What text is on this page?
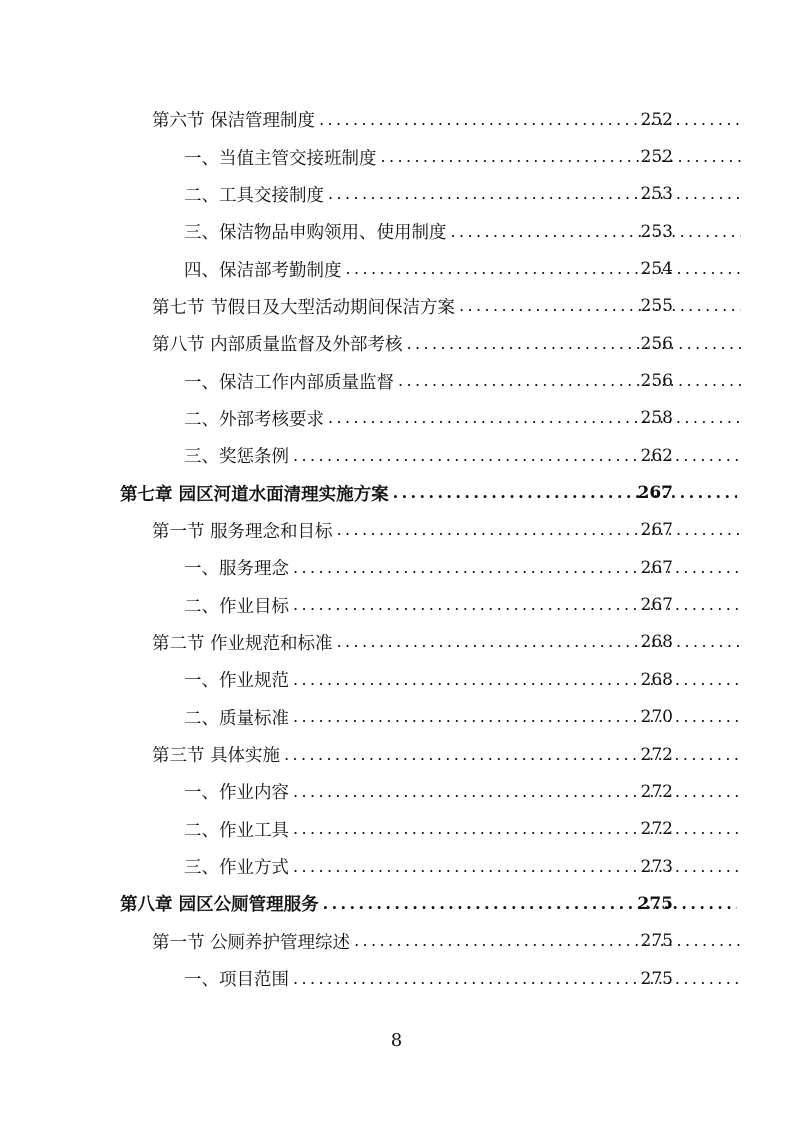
第六节 保洁管理制度 .....	252
一、当值主管交接班制度 .....	252
二、工具交接制度 .....	253
三、保洁物品申购领用、使用制度 .....	253
四、保洁部考勤制度 .....	254
第七节 节假日及大型活动期间保洁方案 .....	255
第八节 内部质量监督及外部考核 .....	256
一、保洁工作内部质量监督 .....	256
二、外部考核要求 .....	258
三、奖惩条例 .....	262
第七章 园区河道水面清理实施方案 .....	267
第一节 服务理念和目标 .....	267
一、服务理念 .....	267
二、作业目标 .....	267
第二节 作业规范和标准 .....	268
一、作业规范 .....	268
二、质量标准 .....	270
第三节 具体实施 .....	272
一、作业内容 .....	272
二、作业工具 .....	272
三、作业方式 .....	273
第八章 园区公厕管理服务 .....	275
第一节 公厕养护管理综述 .....	275
一、项目范围 .....	275
8
